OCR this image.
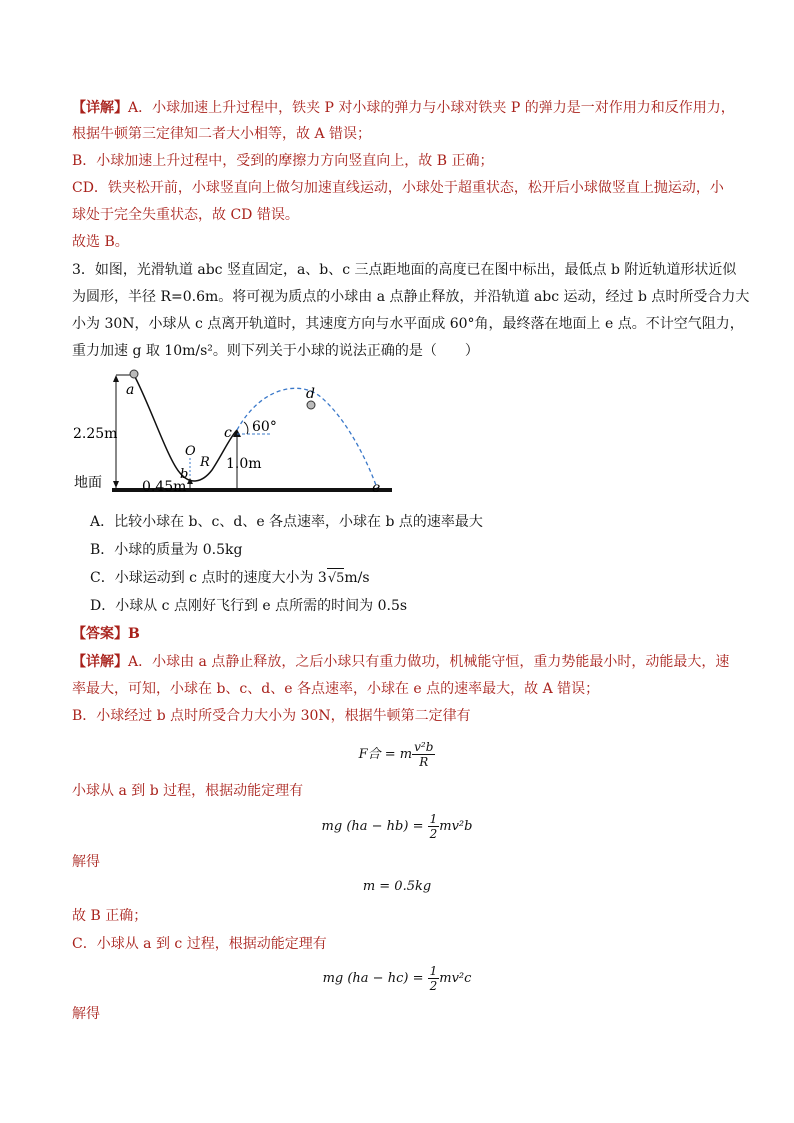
【详解】A．小球加速上升过程中，铁夹 P 对小球的弹力与小球对铁夹 P 的弹力是一对作用力和反作用力，
根据牛顿第三定律知二者大小相等，故 A 错误；
B．小球加速上升过程中，受到的摩擦力方向竖直向上，故 B 正确；
CD．铁夹松开前，小球竖直向上做匀加速直线运动，小球处于超重状态，松开后小球做竖直上抛运动，小
球处于完全失重状态，故 CD 错误。
故选 B。
3．如图，光滑轨道 abc 竖直固定，a、b、c 三点距地面的高度已在图中标出，最低点 b 附近轨道形状近似
为圆形，半径 R=0.6m。将可视为质点的小球由 a 点静止释放，并沿轨道 abc 运动，经过 b 点时所受合力大
小为 30N，小球从 c 点离开轨道时，其速度方向与水平面成 60°角，最终落在地面上 e 点。不计空气阻力，
重力加速 g 取 10m/s²。则下列关于小球的说法正确的是（　　）
地面
2.25m
a
0.45m
O
R
b
1.0m
c 60°
d
e
A．比较小球在 b、c、d、e 各点速率，小球在 b 点的速率最大
B．小球的质量为 0.5kg
C．小球运动到 c 点时的速度大小为 3√5m/s
D．小球从 c 点刚好飞行到 e 点所需的时间为 0.5s
【答案】B
【详解】A．小球由 a 点静止释放，之后小球只有重力做功，机械能守恒，重力势能最小时，动能最大，速
率最大，可知，小球在 b、c、d、e 各点速率，小球在 e 点的速率最大，故 A 错误；
B．小球经过 b 点时所受合力大小为 30N，根据牛顿第二定律有
F合 = m $\frac{\text{v²b}}{R}$
小球从 a 到 b 过程，根据动能定理有
mg $(ha - hb) = \frac{1}{2} mv^2b$
解得
m = 0.5kg
故 B 正确；
C．小球从 a 到 c 过程，根据动能定理有
mg $(ha - hc) = \frac{1}{2} mv^2c$
解得
